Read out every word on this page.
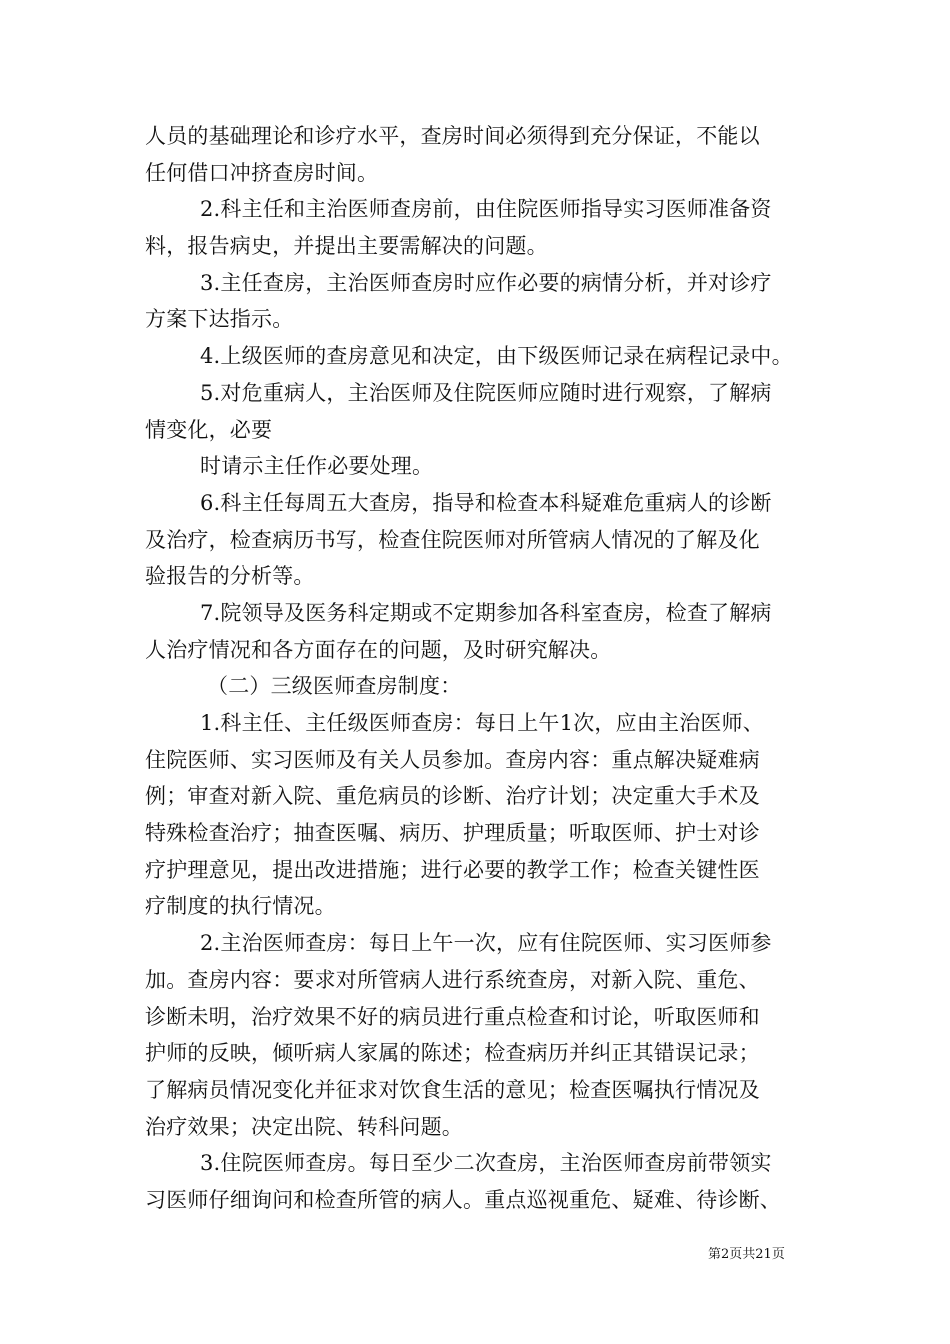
人员的基础理论和诊疗水平，查房时间必须得到充分保证，不能以
任何借口冲挤查房时间。
2.科主任和主治医师查房前，由住院医师指导实习医师准备资
料，报告病史，并提出主要需解决的问题。
3.主任查房，主治医师查房时应作必要的病情分析，并对诊疗
方案下达指示。
4.上级医师的查房意见和决定，由下级医师记录在病程记录中。
5.对危重病人，主治医师及住院医师应随时进行观察，了解病
情变化，必要
时请示主任作必要处理。
6.科主任每周五大查房，指导和检查本科疑难危重病人的诊断
及治疗，检查病历书写，检查住院医师对所管病人情况的了解及化
验报告的分析等。
7.院领导及医务科定期或不定期参加各科室查房，检查了解病
人治疗情况和各方面存在的问题，及时研究解决。
（二）三级医师查房制度：
1.科主任、主任级医师查房：每日上午1次，应由主治医师、
住院医师、实习医师及有关人员参加。查房内容：重点解决疑难病
例；审查对新入院、重危病员的诊断、治疗计划；决定重大手术及
特殊检查治疗；抽查医嘱、病历、护理质量；听取医师、护士对诊
疗护理意见，提出改进措施；进行必要的教学工作；检查关键性医
疗制度的执行情况。
2.主治医师查房：每日上午一次，应有住院医师、实习医师参
加。查房内容：要求对所管病人进行系统查房，对新入院、重危、
诊断未明，治疗效果不好的病员进行重点检查和讨论，听取医师和
护师的反映，倾听病人家属的陈述；检查病历并纠正其错误记录；
了解病员情况变化并征求对饮食生活的意见；检查医嘱执行情况及
治疗效果；决定出院、转科问题。
3.住院医师查房。每日至少二次查房，主治医师查房前带领实
习医师仔细询问和检查所管的病人。重点巡视重危、疑难、待诊断、
第2页共21页
